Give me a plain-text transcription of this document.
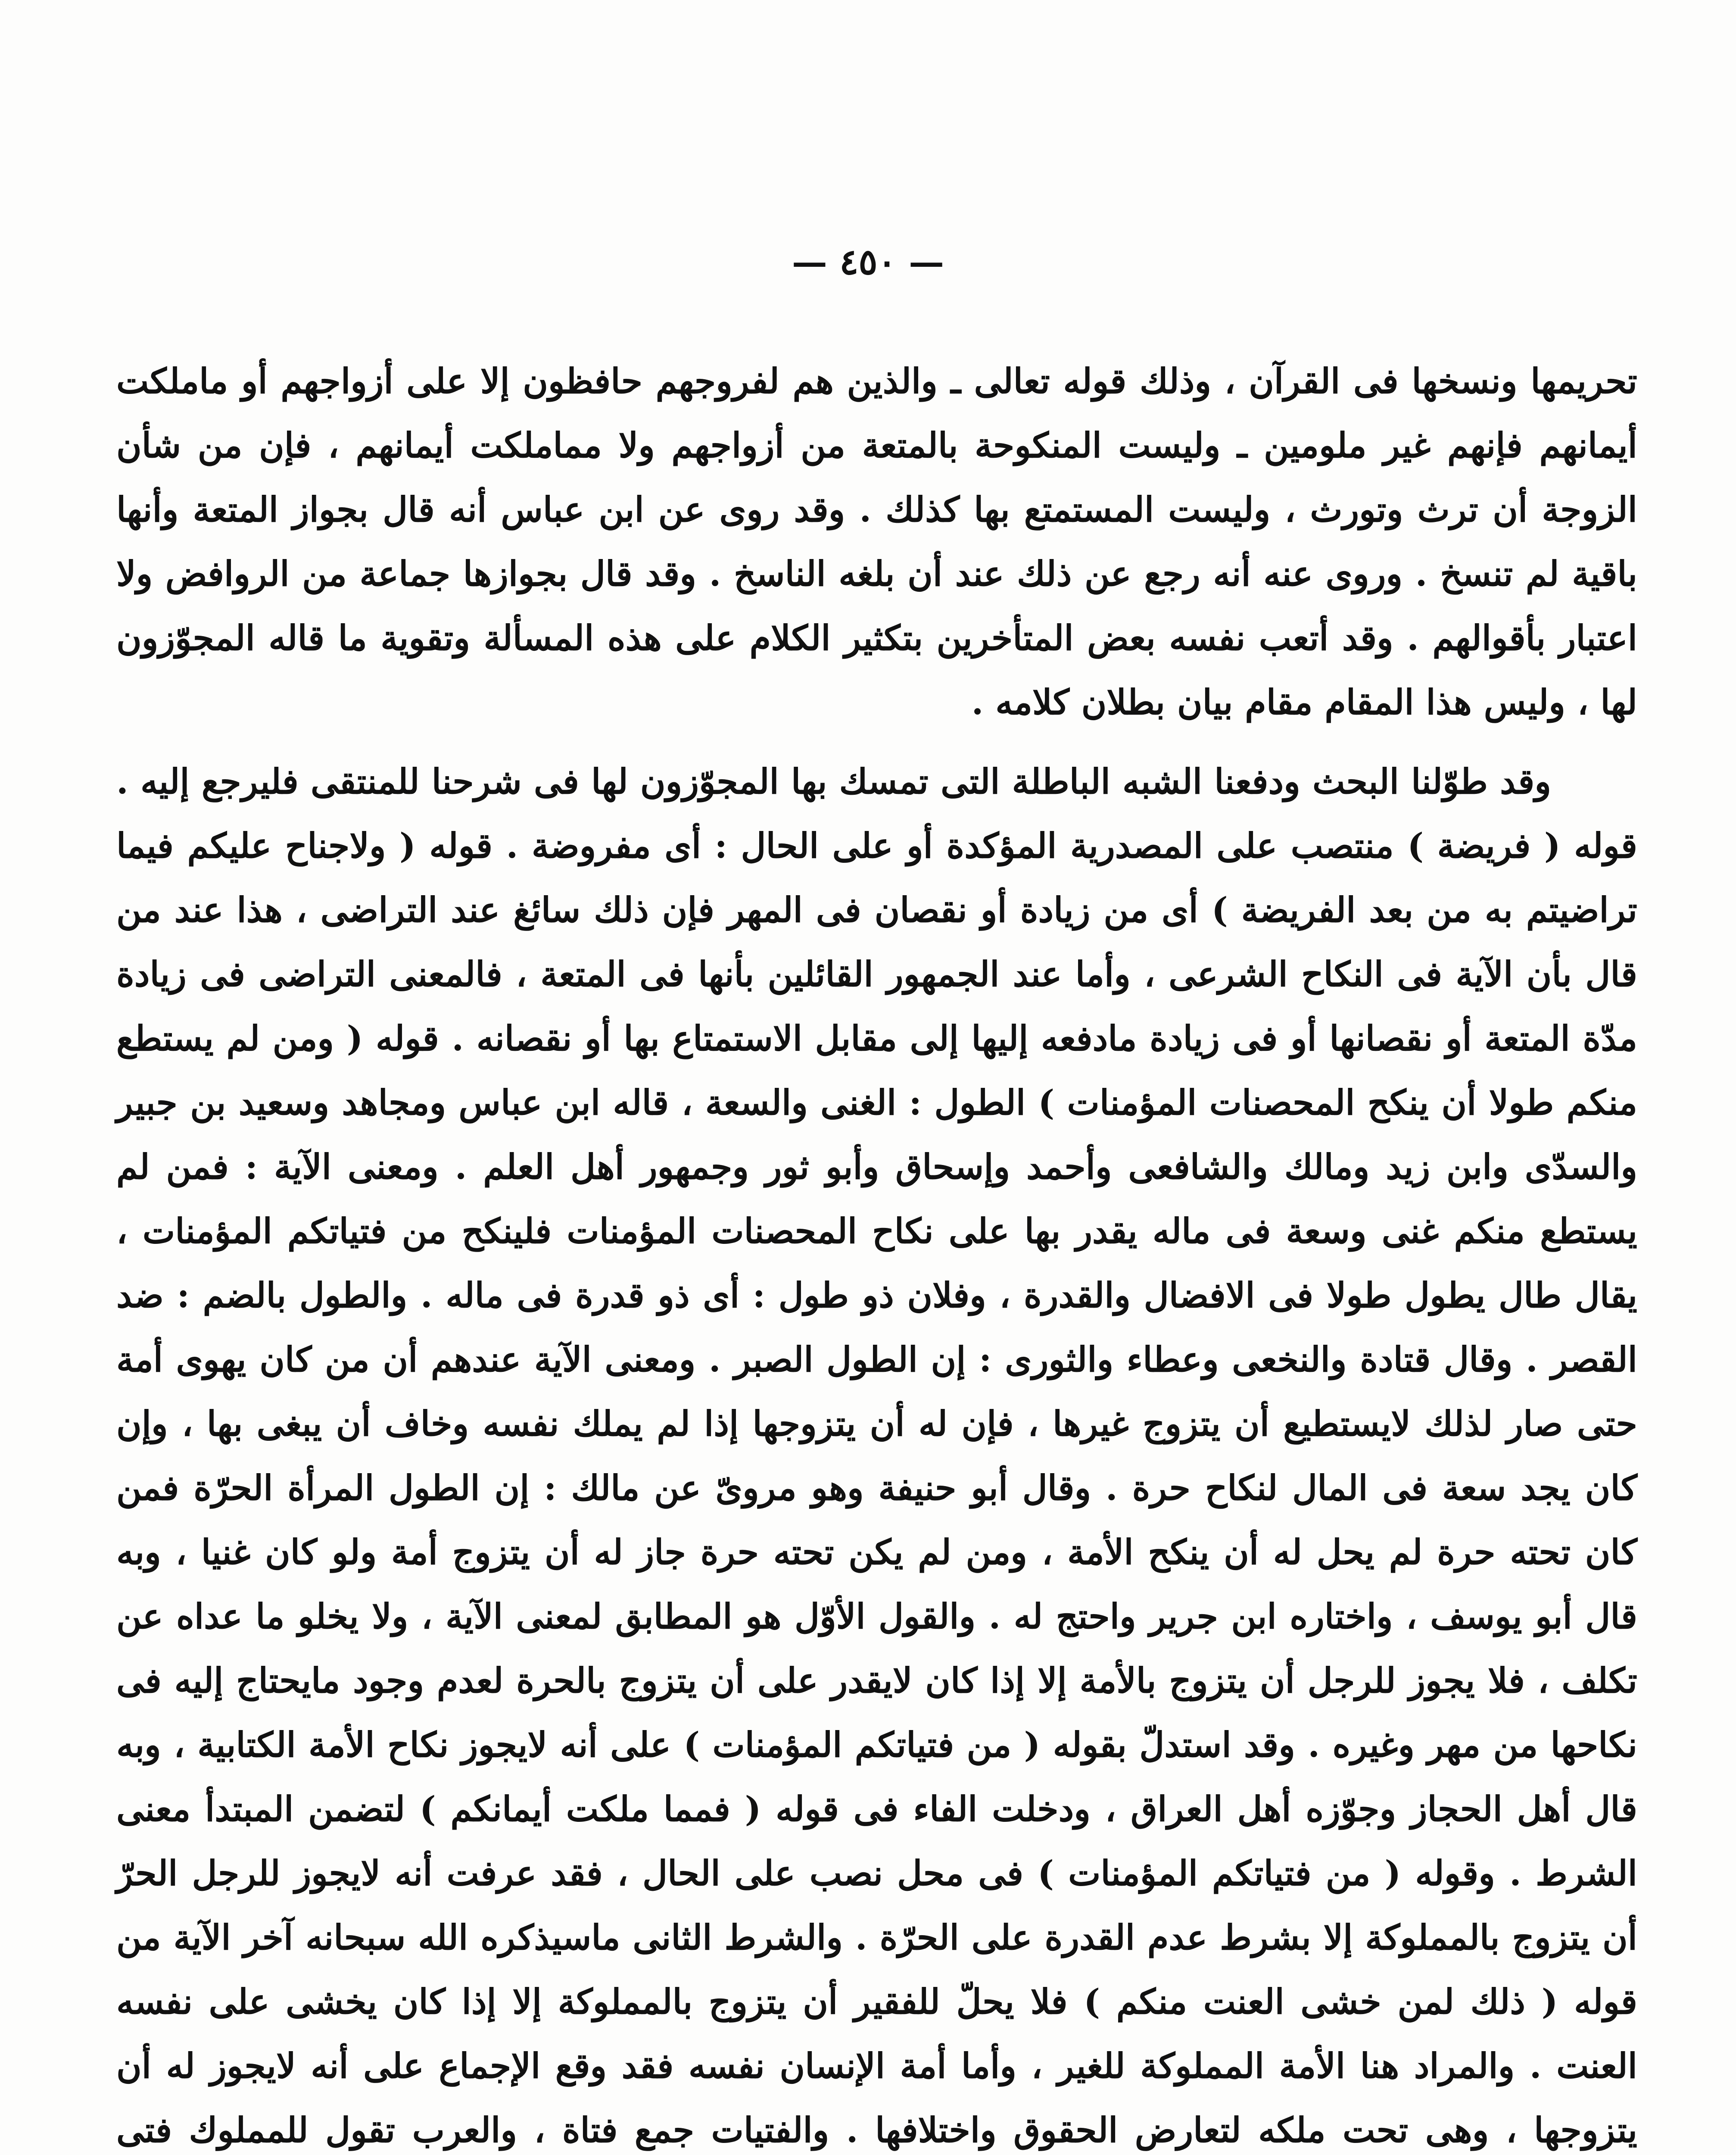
— ٤٥٠ —

تحريمها ونسخها فى القرآن ، وذلك قوله تعالى ـ والذين هم لفروجهم حافظون إلا على أزواجهم أو ماملكت أيمانهم فإنهم غير ملومين ـ وليست المنكوحة بالمتعة من أزواجهم ولا مماملكت أيمانهم ، فإن من شأن الزوجة أن ترث وتورث ، وليست المستمتع بها كذلك . وقد روى عن ابن عباس أنه قال بجواز المتعة وأنها باقية لم تنسخ . وروى عنه أنه رجع عن ذلك عند أن بلغه الناسخ . وقد قال بجوازها جماعة من الروافض ولا اعتبار بأقوالهم . وقد أتعب نفسه بعض المتأخرين بتكثير الكلام على هذه المسألة وتقوية ما قاله المجوّزون لها ، وليس هذا المقام مقام بيان بطلان كلامه .

وقد طوّلنا البحث ودفعنا الشبه الباطلة التى تمسك بها المجوّزون لها فى شرحنا للمنتقى فليرجع إليه . قوله ( فريضة ) منتصب على المصدرية المؤكدة أو على الحال : أى مفروضة . قوله ( ولاجناح عليكم فيما تراضيتم به من بعد الفريضة ) أى من زيادة أو نقصان فى المهر فإن ذلك سائغ عند التراضى ، هذا عند من قال بأن الآية فى النكاح الشرعى ، وأما عند الجمهور القائلين بأنها فى المتعة ، فالمعنى التراضى فى زيادة مدّة المتعة أو نقصانها أو فى زيادة مادفعه إليها إلى مقابل الاستمتاع بها أو نقصانه . قوله ( ومن لم يستطع منكم طولا أن ينكح المحصنات المؤمنات ) الطول : الغنى والسعة ، قاله ابن عباس ومجاهد وسعيد بن جبير والسدّى وابن زيد ومالك والشافعى وأحمد وإسحاق وأبو ثور وجمهور أهل العلم . ومعنى الآية : فمن لم يستطع منكم غنى وسعة فى ماله يقدر بها على نكاح المحصنات المؤمنات فلينكح من فتياتكم المؤمنات ، يقال طال يطول طولا فى الافضال والقدرة ، وفلان ذو طول : أى ذو قدرة فى ماله . والطول بالضم : ضد القصر . وقال قتادة والنخعى وعطاء والثورى : إن الطول الصبر . ومعنى الآية عندهم أن من كان يهوى أمة حتى صار لذلك لايستطيع أن يتزوج غيرها ، فإن له أن يتزوجها إذا لم يملك نفسه وخاف أن يبغى بها ، وإن كان يجد سعة فى المال لنكاح حرة . وقال أبو حنيفة وهو مروىّ عن مالك : إن الطول المرأة الحرّة فمن كان تحته حرة لم يحل له أن ينكح الأمة ، ومن لم يكن تحته حرة جاز له أن يتزوج أمة ولو كان غنيا ، وبه قال أبو يوسف ، واختاره ابن جرير واحتج له . والقول الأوّل هو المطابق لمعنى الآية ، ولا يخلو ما عداه عن تكلف ، فلا يجوز للرجل أن يتزوج بالأمة إلا إذا كان لايقدر على أن يتزوج بالحرة لعدم وجود مايحتاج إليه فى نكاحها من مهر وغيره . وقد استدلّ بقوله ( من فتياتكم المؤمنات ) على أنه لايجوز نكاح الأمة الكتابية ، وبه قال أهل الحجاز وجوّزه أهل العراق ، ودخلت الفاء فى قوله ( فمما ملكت أيمانكم ) لتضمن المبتدأ معنى الشرط . وقوله ( من فتياتكم المؤمنات ) فى محل نصب على الحال ، فقد عرفت أنه لايجوز للرجل الحرّ أن يتزوج بالمملوكة إلا بشرط عدم القدرة على الحرّة . والشرط الثانى ماسيذكره الله سبحانه آخر الآية من قوله ( ذلك لمن خشى العنت منكم ) فلا يحلّ للفقير أن يتزوج بالمملوكة إلا إذا كان يخشى على نفسه العنت . والمراد هنا الأمة المملوكة للغير ، وأما أمة الإنسان نفسه فقد وقع الإجماع على أنه لايجوز له أن يتزوجها ، وهى تحت ملكه لتعارض الحقوق واختلافها . والفتيات جمع فتاة ، والعرب تقول للمملوك فتى
